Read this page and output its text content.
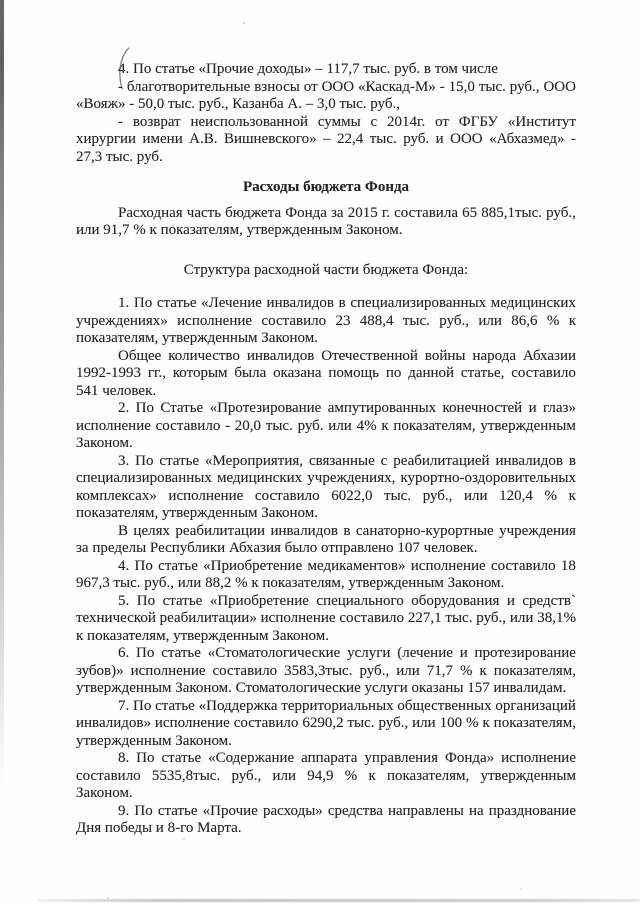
4. По статье «Прочие доходы» – 117,7 тыс. руб. в том числе
- благотворительные взносы от ООО «Каскад-М» - 15,0 тыс. руб., ООО
«Вояж» - 50,0 тыс. руб., Казанба А. – 3,0 тыс. руб.,
- возврат неиспользованной суммы с 2014г. от ФГБУ «Институт
хирургии имени А.В. Вишневского» – 22,4 тыс. руб. и ООО «Абхазмед» -
27,3 тыс. руб.
Расходы бюджета Фонда
Расходная часть бюджета Фонда за 2015 г. составила 65 885,1тыс. руб.,
или 91,7 % к показателям, утвержденным Законом.
Структура расходной части бюджета Фонда:
1. По статье «Лечение инвалидов в специализированных медицинских
учреждениях» исполнение составило 23 488,4 тыс. руб., или 86,6 % к
показателям, утвержденным Законом.
Общее количество инвалидов Отечественной войны народа Абхазии
1992-1993 гг., которым была оказана помощь по данной статье, составило
541 человек.
2. По Статье «Протезирование ампутированных конечностей и глаз»
исполнение составило - 20,0 тыс. руб. или 4% к показателям, утвержденным
Законом.
3. По статье «Мероприятия, связанные с реабилитацией инвалидов в
специализированных медицинских учреждениях, курортно-оздоровительных
комплексах» исполнение составило 6022,0 тыс. руб., или 120,4 % к
показателям, утвержденным Законом.
В целях реабилитации инвалидов в санаторно-курортные учреждения
за пределы Республики Абхазия было отправлено 107 человек.
4. По статье «Приобретение медикаментов» исполнение составило 18
967,3 тыс. руб., или 88,2 % к показателям, утвержденным Законом.
5. По статье «Приобретение специального оборудования и средств`
технической реабилитации» исполнение составило 227,1 тыс. руб., или 38,1%
к показателям, утвержденным Законом.
6. По статье «Стоматологические услуги (лечение и протезирование
зубов)» исполнение составило 3583,3тыс. руб., или 71,7 % к показателям,
утвержденным Законом. Стоматологические услуги оказаны 157 инвалидам.
7. По статье «Поддержка территориальных общественных организаций
инвалидов» исполнение составило 6290,2 тыс. руб., или 100 % к показателям,
утвержденным Законом.
8. По статье «Содержание аппарата управления Фонда» исполнение
составило 5535,8тыс. руб., или 94,9 % к показателям, утвержденным
Законом.
9. По статье «Прочие расходы» средства направлены на празднование
Дня победы и 8-го Марта.
